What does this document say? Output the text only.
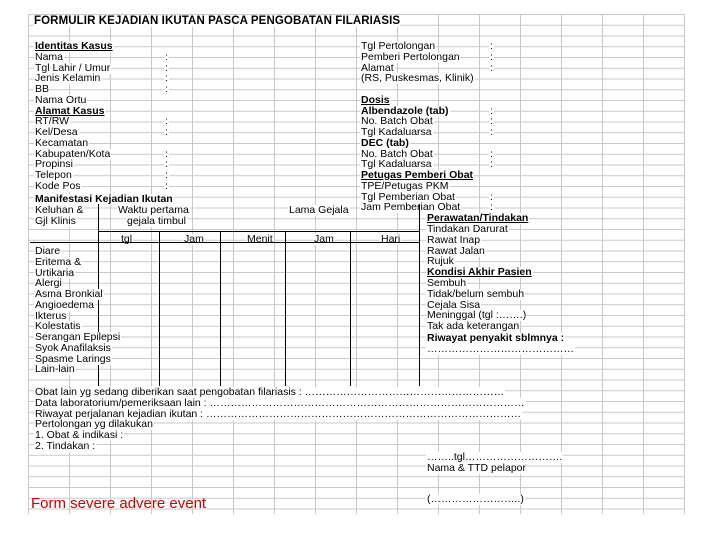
FORMULIR KEJADIAN IKUTAN PASCA PENGOBATAN FILARIASIS
Identitas Kasus
Nama	:
Tgl Lahir / Umur	:
Jenis Kelamin	:
BB	:
Nama Ortu
Alamat Kasus
RT/RW	:
Kel/Desa	:
Kecamatan
Kabupaten/Kota	:
Propinsi	:
Telepon	:
Kode Pos	:
Tgl Pertolongan	:
Pemberi Pertolongan	:
Alamat	:
(RS, Puskesmas, Klinik)
Dosis
Albendazole (tab)	:
No. Batch Obat	:
Tgl Kadaluarsa	:
DEC (tab)
No. Batch Obat	:
Tgl Kadaluarsa	:
Petugas Pemberi Obat
TPE/Petugas PKM
Tgl Pemberian Obat	:
Jam Pemberian Obat	:
Manifestasi Kejadian Ikutan
Keluhan &
Gjl Klinis
Waktu pertama
gejala timbul
Lama Gejala
tgl	Jam	Menit	Jam	Hari
Diare
Eritema &
Urtikaria
Alergi
Asma Bronkial
Angioedema
Ikterus
Kolestatis
Serangan Epilepsi
Syok Anafilaksis
Spasme Larings
Lain-lain
Perawatan/Tindakan
Tindakan Darurat
Rawat Inap
Rawat Jalan
Rujuk
Kondisi Akhir Pasien
Sembuh
Tidak/belum sembuh
Cejala Sisa
Meninggal (tgl :…….)
Tak ada keterangan
Riwayat penyakit sblmnya :
……………………………………
Obat lain yg sedang diberikan saat pengobatan filariasis : …………………………………………………
Data laboratorium/pemeriksaan lain : ………………………………………………………………………………
Riwayat perjalanan kejadian ikutan : ………………………………………………………………………………
Pertolongan yg dilakukan
1. Obat & indikasi :
2. Tindakan :
……..tgl……………………….
Nama & TTD pelapor
(……………………..)
Form severe advere event
